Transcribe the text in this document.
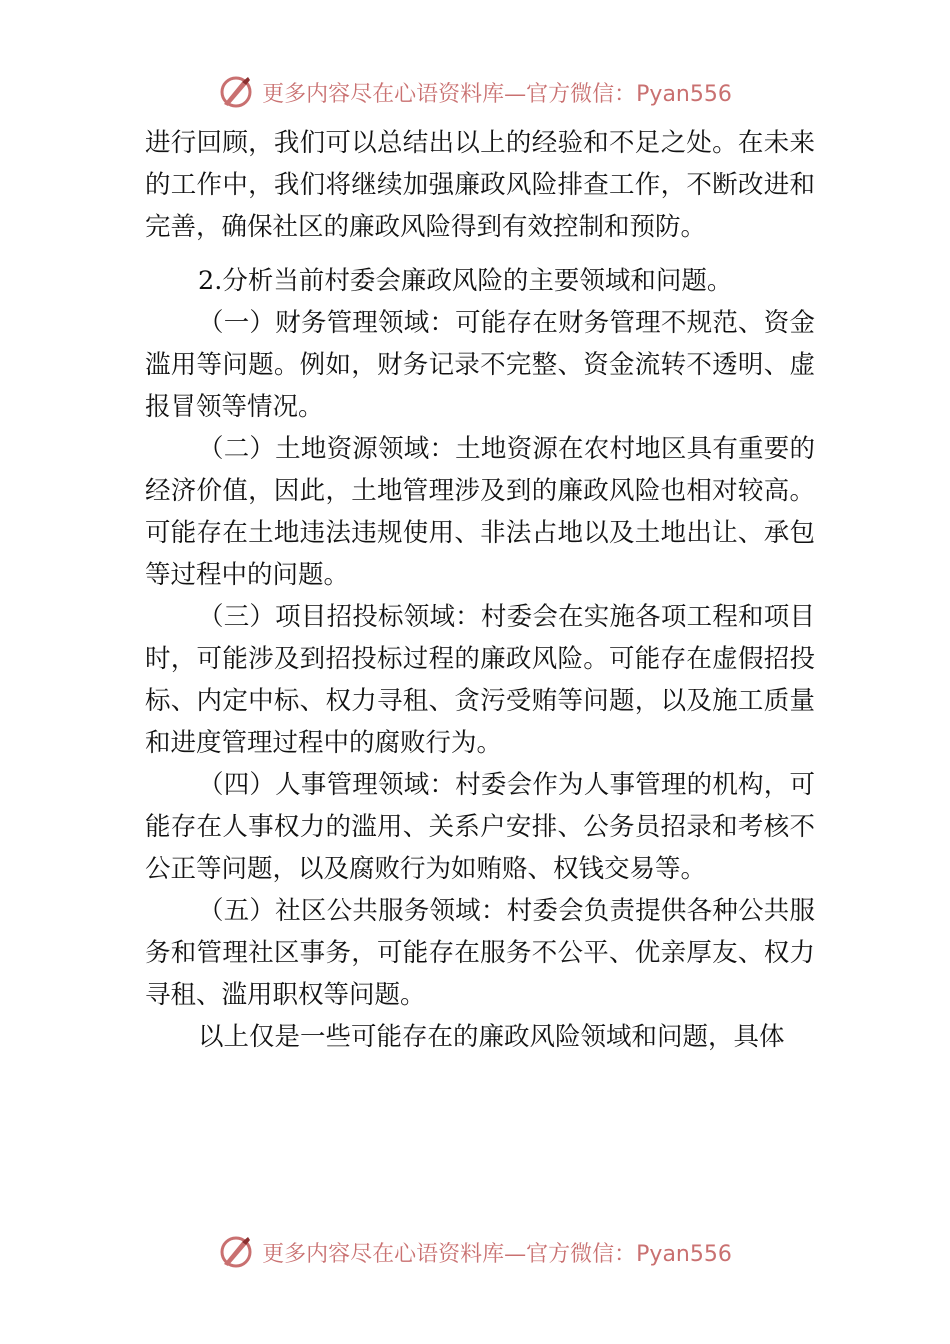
更多内容尽在心语资料库—官方微信：Pyan556

进行回顾，我们可以总结出以上的经验和不足之处。在未来的工作中，我们将继续加强廉政风险排查工作，不断改进和完善，确保社区的廉政风险得到有效控制和预防。

2.分析当前村委会廉政风险的主要领域和问题。

（一）财务管理领域：可能存在财务管理不规范、资金滥用等问题。例如，财务记录不完整、资金流转不透明、虚报冒领等情况。

（二）土地资源领域：土地资源在农村地区具有重要的经济价值，因此，土地管理涉及到的廉政风险也相对较高。可能存在土地违法违规使用、非法占地以及土地出让、承包等过程中的问题。

（三）项目招投标领域：村委会在实施各项工程和项目时，可能涉及到招投标过程的廉政风险。可能存在虚假招投标、内定中标、权力寻租、贪污受贿等问题，以及施工质量和进度管理过程中的腐败行为。

（四）人事管理领域：村委会作为人事管理的机构，可能存在人事权力的滥用、关系户安排、公务员招录和考核不公正等问题，以及腐败行为如贿赂、权钱交易等。

（五）社区公共服务领域：村委会负责提供各种公共服务和管理社区事务，可能存在服务不公平、优亲厚友、权力寻租、滥用职权等问题。

以上仅是一些可能存在的廉政风险领域和问题，具体

更多内容尽在心语资料库—官方微信：Pyan556
